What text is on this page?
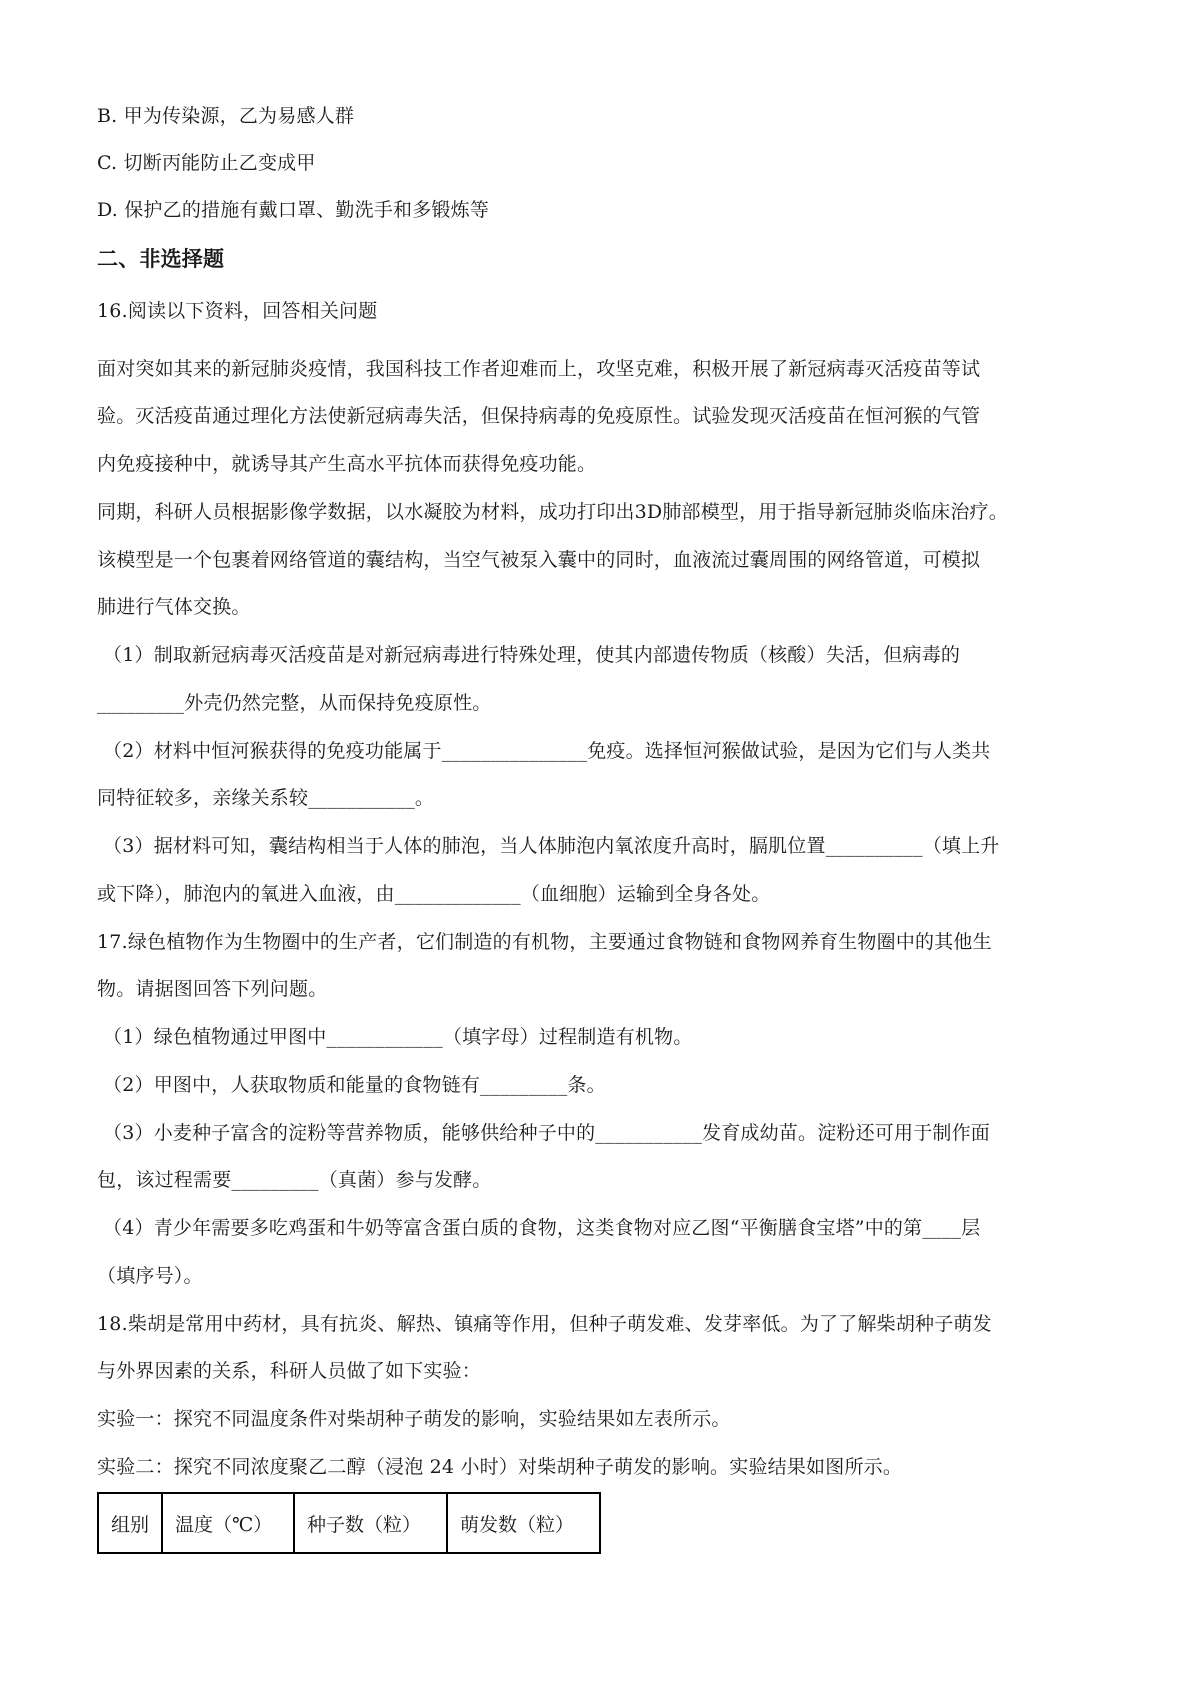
B. 甲为传染源，乙为易感人群
C. 切断丙能防止乙变成甲
D. 保护乙的措施有戴口罩、勤洗手和多锻炼等
二、非选择题
16.阅读以下资料，回答相关问题
面对突如其来的新冠肺炎疫情，我国科技工作者迎难而上，攻坚克难，积极开展了新冠病毒灭活疫苗等试
验。灭活疫苗通过理化方法使新冠病毒失活，但保持病毒的免疫原性。试验发现灭活疫苗在恒河猴的气管
内免疫接种中，就诱导其产生高水平抗体而获得免疫功能。
同期，科研人员根据影像学数据，以水凝胶为材料，成功打印出3D肺部模型，用于指导新冠肺炎临床治疗。
该模型是一个包裹着网络管道的囊结构，当空气被泵入囊中的同时，血液流过囊周围的网络管道，可模拟
肺进行气体交换。
（1）制取新冠病毒灭活疫苗是对新冠病毒进行特殊处理，使其内部遗传物质（核酸）失活，但病毒的
_________外壳仍然完整，从而保持免疫原性。
（2）材料中恒河猴获得的免疫功能属于_______________免疫。选择恒河猴做试验，是因为它们与人类共
同特征较多，亲缘关系较___________。
（3）据材料可知，囊结构相当于人体的肺泡，当人体肺泡内氧浓度升高时，膈肌位置__________（填上升
或下降），肺泡内的氧进入血液，由_____________（血细胞）运输到全身各处。
17.绿色植物作为生物圈中的生产者，它们制造的有机物，主要通过食物链和食物网养育生物圈中的其他生
物。请据图回答下列问题。
（1）绿色植物通过甲图中____________（填字母）过程制造有机物。
（2）甲图中，人获取物质和能量的食物链有_________条。
（3）小麦种子富含的淀粉等营养物质，能够供给种子中的___________发育成幼苗。淀粉还可用于制作面
包，该过程需要_________（真菌）参与发酵。
（4）青少年需要多吃鸡蛋和牛奶等富含蛋白质的食物，这类食物对应乙图“平衡膳食宝塔”中的第____层
（填序号）。
18.柴胡是常用中药材，具有抗炎、解热、镇痛等作用，但种子萌发难、发芽率低。为了了解柴胡种子萌发
与外界因素的关系，科研人员做了如下实验：
实验一：探究不同温度条件对柴胡种子萌发的影响，实验结果如左表所示。
实验二：探究不同浓度聚乙二醇（浸泡 24 小时）对柴胡种子萌发的影响。实验结果如图所示。
组别	温度（℃）	种子数（粒）	萌发数（粒）
